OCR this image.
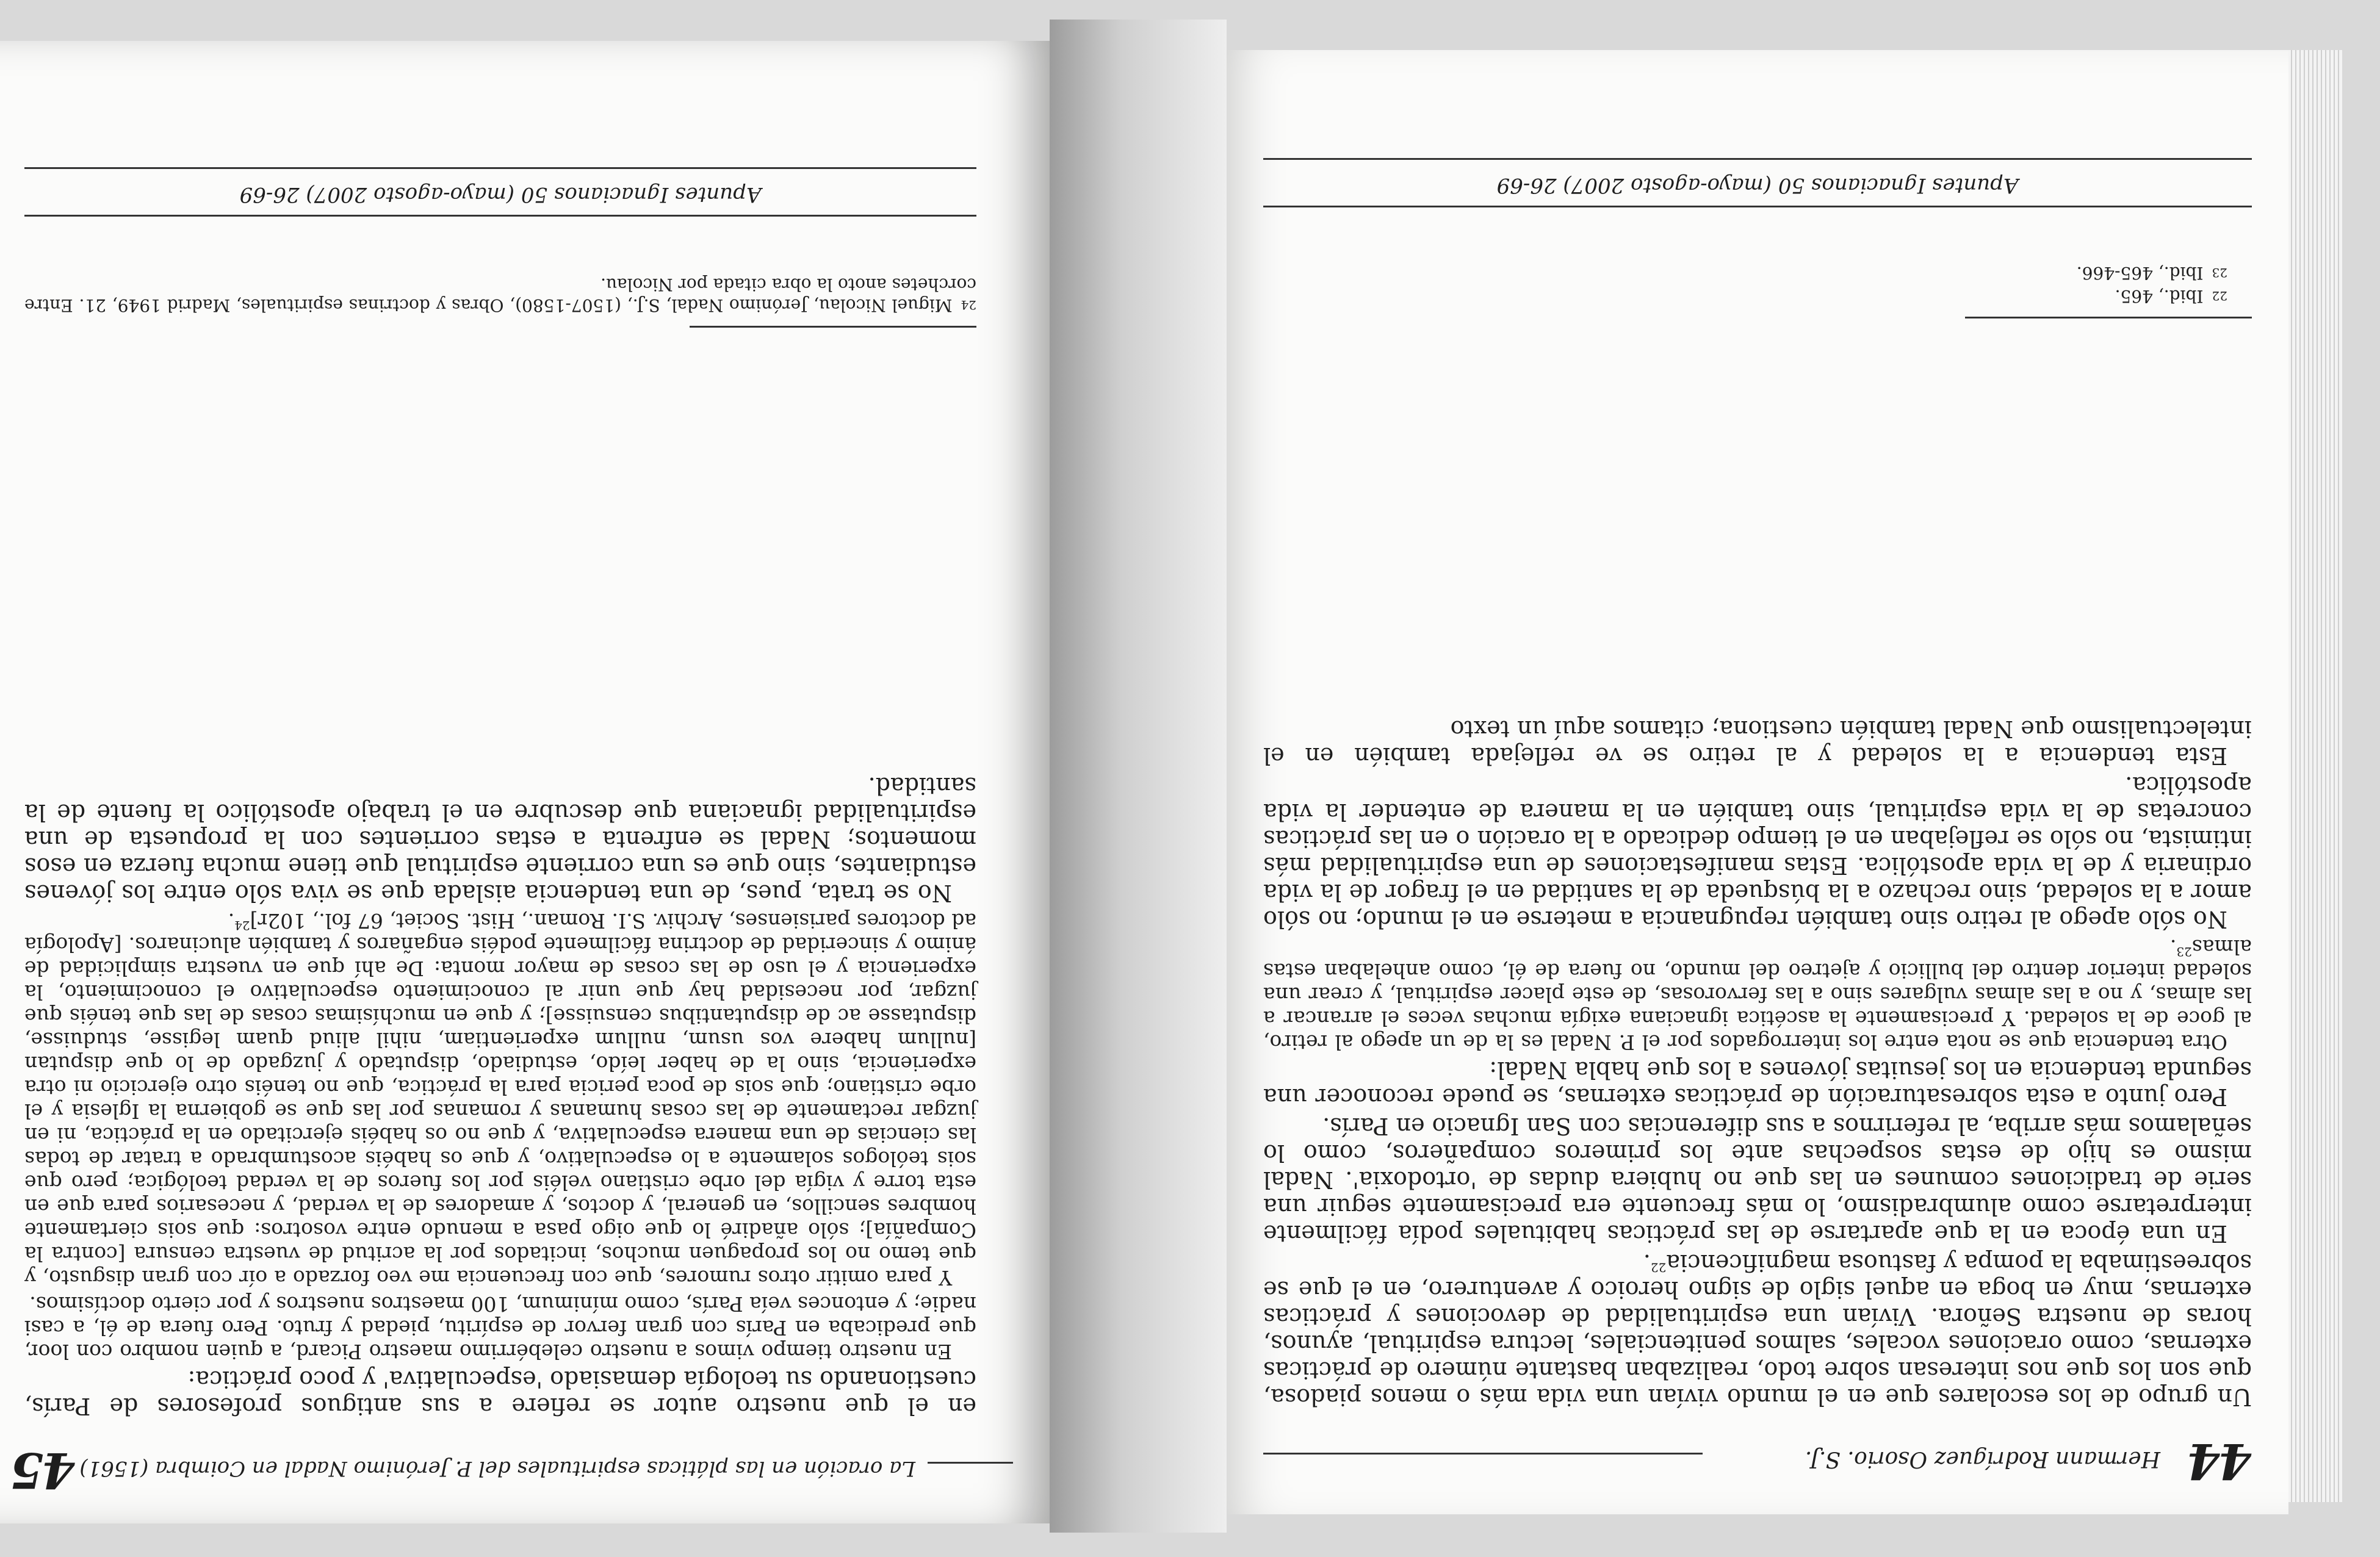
44
Hermann Rodríguez Osorio. S.J.

Un grupo de los escolares que en el mundo vivían una vida más o menos piadosa, que son los que nos interesan sobre todo, realizaban bastante número de prácticas externas, como oraciones vocales, salmos penitenciales, lectura espiritual, ayunos, horas de nuestra Señora. Vivían una espiritualidad de devociones y prácticas externas, muy en boga en aquel siglo de signo heroico y aventurero, en el que se sobreestimaba la pompa y fastuosa magnificencia$^{22}$.

En una época en la que apartarse de las prácticas habituales podía fácilmente interpretarse como alumbradismo, lo más frecuente era precisamente seguir una serie de tradiciones comunes en las que no hubiera dudas de 'ortodoxia'. Nadal mismo es hijo de estas sospechas ante los primeros compañeros, como lo señalamos más arriba, al referirnos a sus diferencias con San Ignacio en París.

Pero junto a esta sobresaturación de prácticas externas, se puede reconocer una segunda tendencia en los jesuitas jóvenes a los que habla Nadal:

Otra tendencia que se nota entre los interrogados por el P. Nadal es la de un apego al retiro, al goce de la soledad. Y precisamente la ascética ignaciana exigía muchas veces el arrancar a las almas, y no a las almas vulgares sino a las fervorosas, de este placer espiritual, y crear una soledad interior dentro del bullicio y ajetreo del mundo, no fuera de él, como anhelaban estas almas$^{23}$.

No sólo apego al retiro sino también repugnancia a meterse en el mundo; no sólo amor a la soledad, sino rechazo a la búsqueda de la santidad en el fragor de la vida ordinaria y de la vida apostólica. Estas manifestaciones de una espiritualidad más intimista, no sólo se reflejaban en el tiempo dedicado a la oración o en las prácticas concretas de la vida espiritual, sino también en la manera de entender la vida apostólica.

Esta tendencia a la soledad y al retiro se ve reflejada también en el intelectualismo que Nadal también cuestiona; citamos aquí un texto

$^{22}$Ibid., 465.
$^{23}$Ibid., 465-466.
Apuntes Ignacianos 50 (mayo-agosto 2007) 26-69
La oración en las pláticas espirituales del P. Jerónimo Nadal en Coimbra (1561)
45

en el que nuestro autor se refiere a sus antiguos profesores de París, cuestionando su teología demasiado 'especulativa' y poco práctica:

En nuestro tiempo vimos a nuestro celebérrimo maestro Picard, a quien nombro con loor, que predicaba en París con gran fervor de espíritu, piedad y fruto. Pero fuera de él, a casi nadie; y entonces veía París, como mínimum, 100 maestros nuestros y por cierto doctísimos.

Y para omitir otros rumores, que con frecuencia me veo forzado a oír con gran disgusto, y que temo no los propaguen muchos, incitados por la acritud de vuestra censura [contra la Compañía]; sólo añadiré lo que oigo pasa a menudo entre vosotros: que sois ciertamente hombres sencillos, en general, y doctos, y amadores de la verdad, y necesarios para que en esta torre y vigía del orbe cristiano veléis por los fueros de la verdad teológica; pero que sois teólogos solamente a lo especulativo, y que os habéis acostumbrado a tratar de todas las ciencias de una manera especulativa, y que no os habéis ejercitado en la práctica, ni en juzgar rectamente de las cosas humanas y romanas por las que se gobierna la Iglesia y el orbe cristiano; que sois de poca pericia para la práctica, que no tenéis otro ejercicio ni otra experiencia, sino la de haber leído, estudiado, disputado y juzgado de lo que disputan [nullum habere vos usum, nullum experientiam, nihil aliud quam legisse, studuisse, disputasse ac de disputantibus censuisse]; y que en muchísimas cosas de las que tenéis que juzgar, por necesidad hay que unir al conocimiento especulativo el conocimiento, la experiencia y el uso de las cosas de mayor monta: De ahí que en vuestra simplicidad de ánimo y sinceridad de doctrina fácilmente podéis engañaros y también alucinaros. [Apología ad doctores parisienses, Archiv. S.I. Roman., Hist. Societ, 67 fol., 102r]$^{24}$.

No se trata, pues, de una tendencia aislada que se viva sólo entre los jóvenes estudiantes, sino que es una corriente espiritual que tiene mucha fuerza en esos momentos; Nadal se enfrenta a estas corrientes con la propuesta de una espiritualidad ignaciana que descubre en el trabajo apostólico la fuente de la santidad.

$^{24}$Miguel Nicolau, Jerónimo Nadal, S.J., (1507-1580), Obras y doctrinas espirituales, Madrid 1949, 21. Entre corchetes anoto la obra citada por Nicolau.
Apuntes Ignacianos 50 (mayo-agosto 2007) 26-69
